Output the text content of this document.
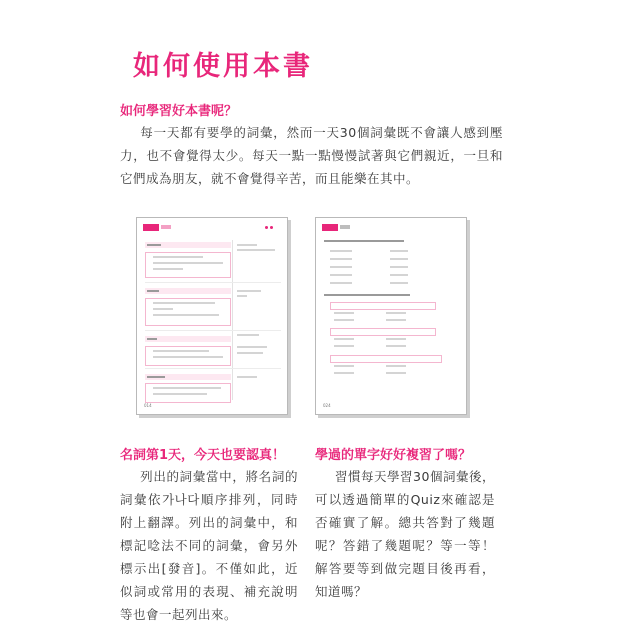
如何使用本書
如何學習好本書呢？

每一天都有要學的詞彙，然而一天30個詞彙既不會讓人感到壓力，也不會覺得太少。每天一點一點慢慢試著與它們親近，一旦和它們成為朋友，就不會覺得辛苦，而且能樂在其中。

014	024
名詞第1天，今天也要認真！

列出的詞彙當中，將名詞的詞彙依가나다順序排列，同時附上翻譯。列出的詞彙中，和標記唸法不同的詞彙，會另外標示出[發音]。不僅如此，近似詞或常用的表現、補充說明等也會一起列出來。

學過的單字好好複習了嗎？

習慣每天學習30個詞彙後，可以透過簡單的Quiz來確認是否確實了解。總共答對了幾題呢？答錯了幾題呢？等一等！解答要等到做完題目後再看，知道嗎？
